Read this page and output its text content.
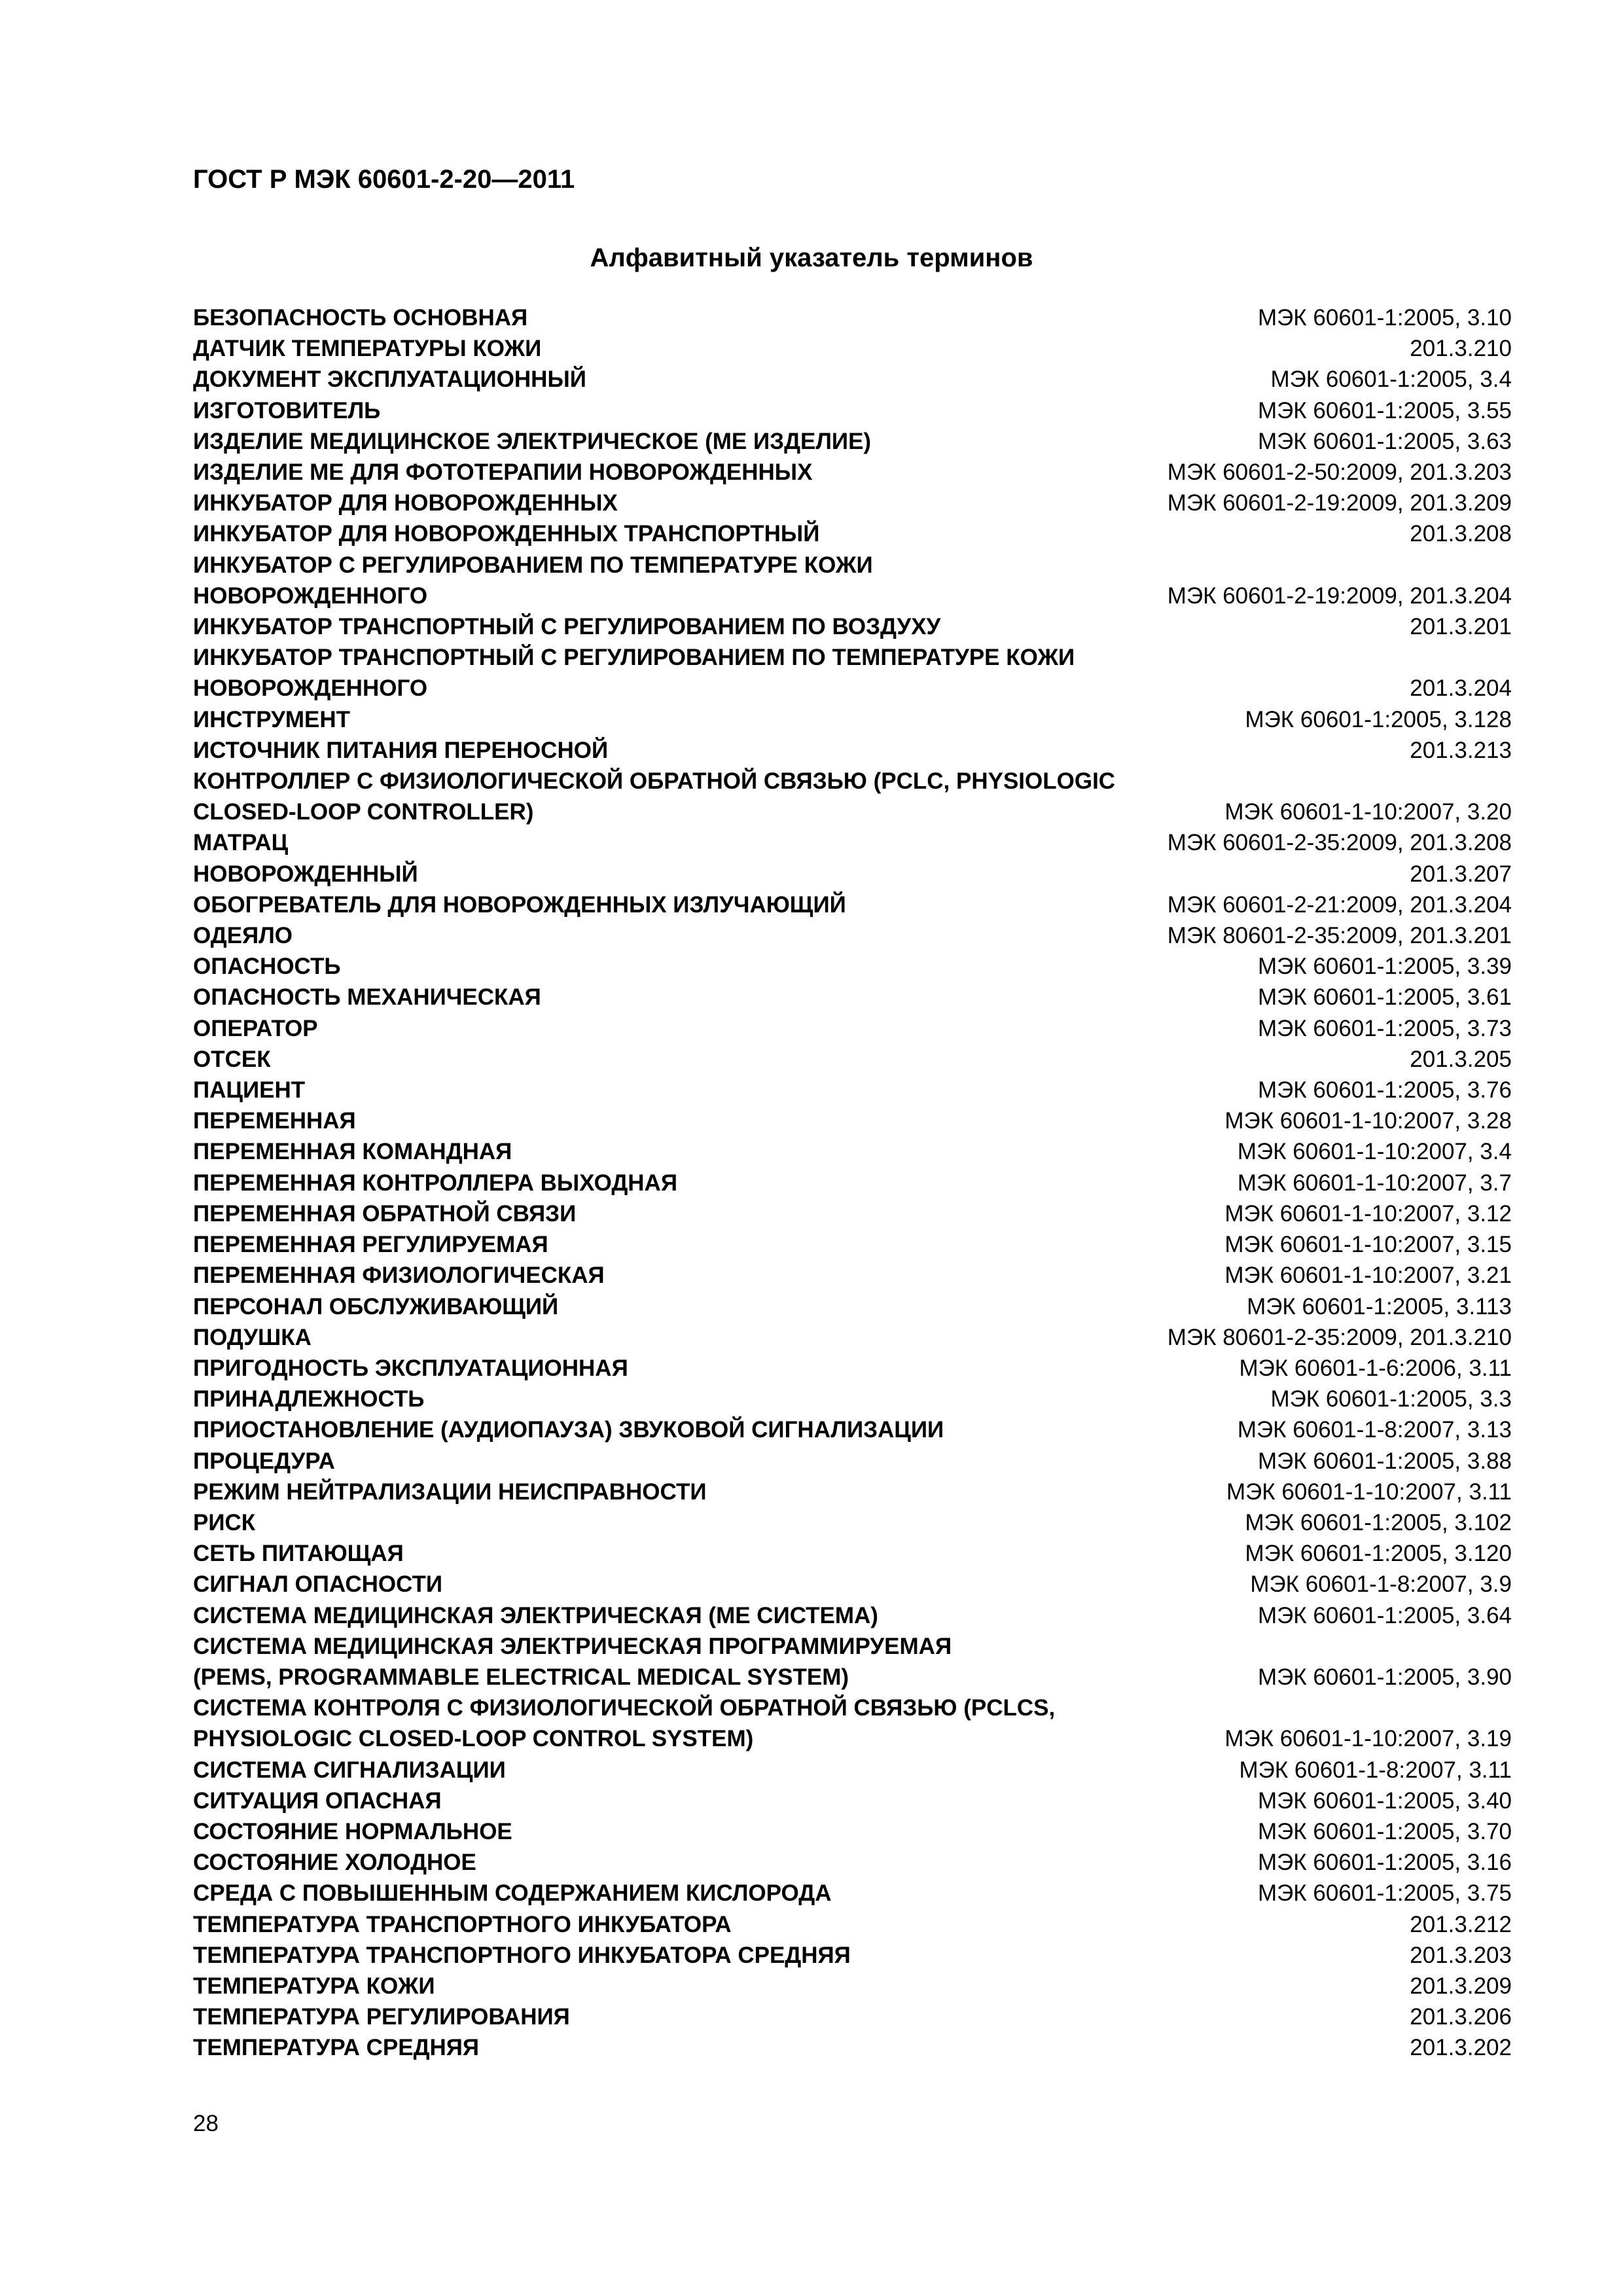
ГОСТ Р МЭК 60601-2-20—2011
Алфавитный указатель терминов
БЕЗОПАСНОСТЬ ОСНОВНАЯ	МЭК 60601-1:2005, 3.10
ДАТЧИК ТЕМПЕРАТУРЫ КОЖИ	201.3.210
ДОКУМЕНТ ЭКСПЛУАТАЦИОННЫЙ	МЭК 60601-1:2005, 3.4
ИЗГОТОВИТЕЛЬ	МЭК 60601-1:2005, 3.55
ИЗДЕЛИЕ МЕДИЦИНСКОЕ ЭЛЕКТРИЧЕСКОЕ (МЕ ИЗДЕЛИЕ)	МЭК 60601-1:2005, 3.63
ИЗДЕЛИЕ МЕ ДЛЯ ФОТОТЕРАПИИ НОВОРОЖДЕННЫХ	МЭК 60601-2-50:2009, 201.3.203
ИНКУБАТОР ДЛЯ НОВОРОЖДЕННЫХ	МЭК 60601-2-19:2009, 201.3.209
ИНКУБАТОР ДЛЯ НОВОРОЖДЕННЫХ ТРАНСПОРТНЫЙ	201.3.208
ИНКУБАТОР С РЕГУЛИРОВАНИЕМ ПО ТЕМПЕРАТУРЕ КОЖИ
НОВОРОЖДЕННОГО	МЭК 60601-2-19:2009, 201.3.204
ИНКУБАТОР ТРАНСПОРТНЫЙ С РЕГУЛИРОВАНИЕМ ПО ВОЗДУХУ	201.3.201
ИНКУБАТОР ТРАНСПОРТНЫЙ С РЕГУЛИРОВАНИЕМ ПО ТЕМПЕРАТУРЕ КОЖИ
НОВОРОЖДЕННОГО	201.3.204
ИНСТРУМЕНТ	МЭК 60601-1:2005, 3.128
ИСТОЧНИК ПИТАНИЯ ПЕРЕНОСНОЙ	201.3.213
КОНТРОЛЛЕР С ФИЗИОЛОГИЧЕСКОЙ ОБРАТНОЙ СВЯЗЬЮ (PCLC, PHYSIOLOGIC
CLOSED-LOOP CONTROLLER)	МЭК 60601-1-10:2007, 3.20
МАТРАЦ	МЭК 60601-2-35:2009, 201.3.208
НОВОРОЖДЕННЫЙ	201.3.207
ОБОГРЕВАТЕЛЬ ДЛЯ НОВОРОЖДЕННЫХ ИЗЛУЧАЮЩИЙ	МЭК 60601-2-21:2009, 201.3.204
ОДЕЯЛО	МЭК 80601-2-35:2009, 201.3.201
ОПАСНОСТЬ	МЭК 60601-1:2005, 3.39
ОПАСНОСТЬ МЕХАНИЧЕСКАЯ	МЭК 60601-1:2005, 3.61
ОПЕРАТОР	МЭК 60601-1:2005, 3.73
ОТСЕК	201.3.205
ПАЦИЕНТ	МЭК 60601-1:2005, 3.76
ПЕРЕМЕННАЯ	МЭК 60601-1-10:2007, 3.28
ПЕРЕМЕННАЯ КОМАНДНАЯ	МЭК 60601-1-10:2007, 3.4
ПЕРЕМЕННАЯ КОНТРОЛЛЕРА ВЫХОДНАЯ	МЭК 60601-1-10:2007, 3.7
ПЕРЕМЕННАЯ ОБРАТНОЙ СВЯЗИ	МЭК 60601-1-10:2007, 3.12
ПЕРЕМЕННАЯ РЕГУЛИРУЕМАЯ	МЭК 60601-1-10:2007, 3.15
ПЕРЕМЕННАЯ ФИЗИОЛОГИЧЕСКАЯ	МЭК 60601-1-10:2007, 3.21
ПЕРСОНАЛ ОБСЛУЖИВАЮЩИЙ	МЭК 60601-1:2005, 3.113
ПОДУШКА	МЭК 80601-2-35:2009, 201.3.210
ПРИГОДНОСТЬ ЭКСПЛУАТАЦИОННАЯ	МЭК 60601-1-6:2006, 3.11
ПРИНАДЛЕЖНОСТЬ	МЭК 60601-1:2005, 3.3
ПРИОСТАНОВЛЕНИЕ (АУДИОПАУЗА) ЗВУКОВОЙ СИГНАЛИЗАЦИИ	МЭК 60601-1-8:2007, 3.13
ПРОЦЕДУРА	МЭК 60601-1:2005, 3.88
РЕЖИМ НЕЙТРАЛИЗАЦИИ НЕИСПРАВНОСТИ	МЭК 60601-1-10:2007, 3.11
РИСК	МЭК 60601-1:2005, 3.102
СЕТЬ ПИТАЮЩАЯ	МЭК 60601-1:2005, 3.120
СИГНАЛ ОПАСНОСТИ	МЭК 60601-1-8:2007, 3.9
СИСТЕМА МЕДИЦИНСКАЯ ЭЛЕКТРИЧЕСКАЯ (МЕ СИСТЕМА)	МЭК 60601-1:2005, 3.64
СИСТЕМА МЕДИЦИНСКАЯ ЭЛЕКТРИЧЕСКАЯ ПРОГРАММИРУЕМАЯ
(PEMS, PROGRAMMABLE ELECTRICAL MEDICAL SYSTEM)	МЭК 60601-1:2005, 3.90
СИСТЕМА КОНТРОЛЯ С ФИЗИОЛОГИЧЕСКОЙ ОБРАТНОЙ СВЯЗЬЮ (PCLCS,
PHYSIOLOGIC CLOSED-LOOP CONTROL SYSTEM)	МЭК 60601-1-10:2007, 3.19
СИСТЕМА СИГНАЛИЗАЦИИ	МЭК 60601-1-8:2007, 3.11
СИТУАЦИЯ ОПАСНАЯ	МЭК 60601-1:2005, 3.40
СОСТОЯНИЕ НОРМАЛЬНОЕ	МЭК 60601-1:2005, 3.70
СОСТОЯНИЕ ХОЛОДНОЕ	МЭК 60601-1:2005, 3.16
СРЕДА С ПОВЫШЕННЫМ СОДЕРЖАНИЕМ КИСЛОРОДА	МЭК 60601-1:2005, 3.75
ТЕМПЕРАТУРА ТРАНСПОРТНОГО ИНКУБАТОРА	201.3.212
ТЕМПЕРАТУРА ТРАНСПОРТНОГО ИНКУБАТОРА СРЕДНЯЯ	201.3.203
ТЕМПЕРАТУРА КОЖИ	201.3.209
ТЕМПЕРАТУРА РЕГУЛИРОВАНИЯ	201.3.206
ТЕМПЕРАТУРА СРЕДНЯЯ	201.3.202
28
